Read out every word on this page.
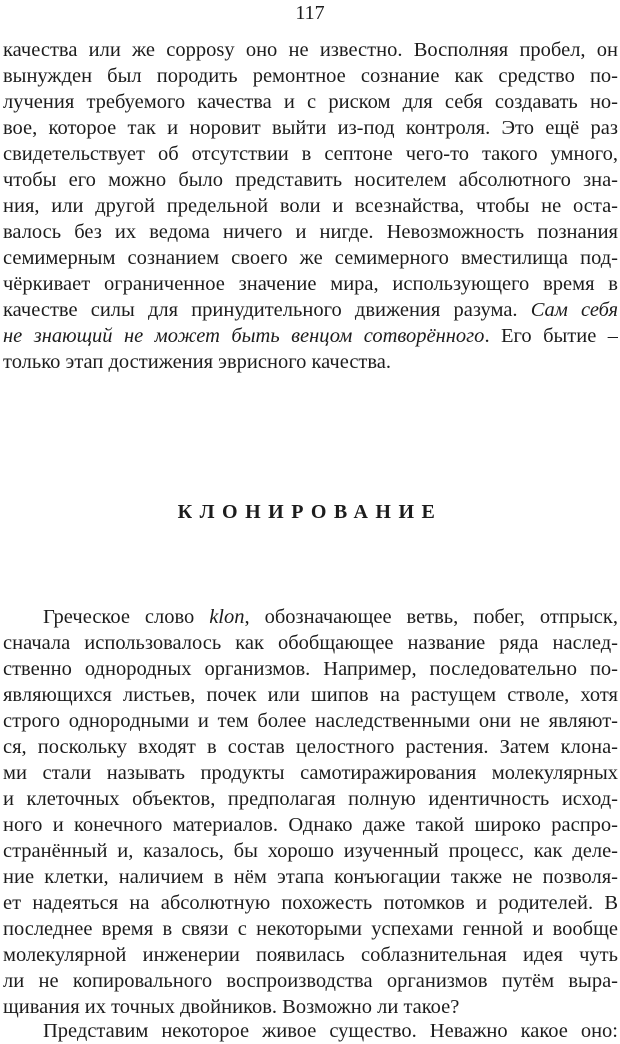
117
качества или же соррosу оно не известно. Восполняя пробел, он
вынужден был породить ремонтное сознание как средство по-
лучения требуемого качества и с риском для себя создавать но-
вое, которое так и норовит выйти из-под контроля. Это ещё раз
свидетельствует об отсутствии в септоне чего-то такого умного,
чтобы его можно было представить носителем абсолютного зна-
ния, или другой предельной воли и всезнайства, чтобы не оста-
валось без их ведома ничего и нигде. Невозможность познания
семимерным сознанием своего же семимерного вместилища под-
чёркивает ограниченное значение мира, использующего время в
качестве силы для принудительного движения разума. Сам себя
не знающий не может быть венцом сотворённого. Его бытие –
только этап достижения эврисного качества.
КЛОНИРОВАНИЕ
Греческое слово klon, обозначающее ветвь, побег, отпрыск,
сначала использовалось как обобщающее название ряда наслед-
ственно однородных организмов. Например, последовательно по-
являющихся листьев, почек или шипов на растущем стволе, хотя
строго однородными и тем более наследственными они не являют-
ся, поскольку входят в состав целостного растения. Затем клона-
ми стали называть продукты самотиражирования молекулярных
и клеточных объектов, предполагая полную идентичность исход-
ного и конечного материалов. Однако даже такой широко распро-
странённый и, казалось, бы хорошо изученный процесс, как деле-
ние клетки, наличием в нём этапа конъюгации также не позволя-
ет надеяться на абсолютную похожесть потомков и родителей. В
последнее время в связи с некоторыми успехами генной и вообще
молекулярной инженерии появилась соблазнительная идея чуть
ли не копировального воспроизводства организмов путём выра-
щивания их точных двойников. Возможно ли такое?
Представим некоторое живое существо. Неважно какое оно:
